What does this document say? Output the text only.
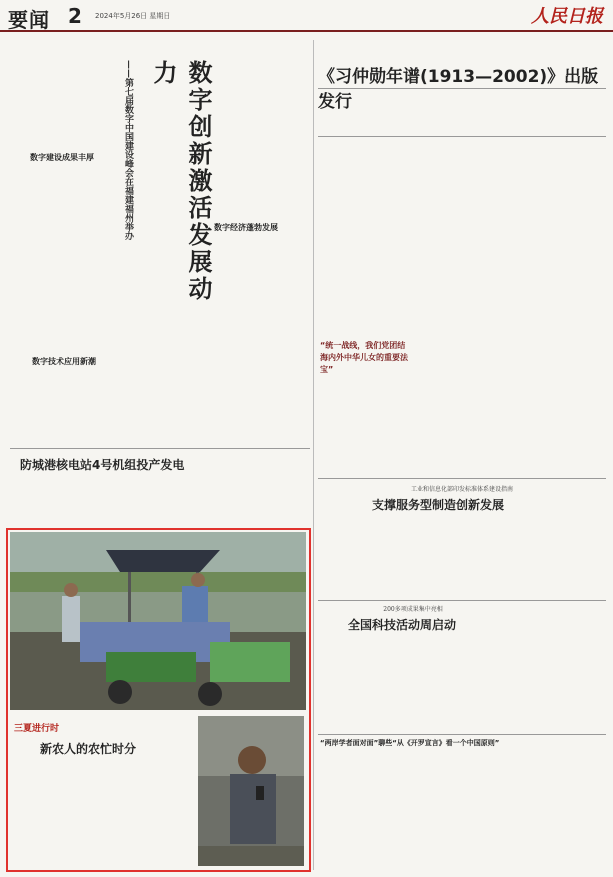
要闻 2 2024年5月26日 星期日	人民日报
数字建设成果丰厚
数字技术应用新潮
数字创新激活发展动力
——第七届数字中国建设峰会在福建福州举办	数字经济蓬勃发展
《习仲勋年谱(1913—2002)》出版发行
“统一战线，我们党团结海内外中华儿女的重要法宝”
防城港核电站4号机组投产发电
三夏进行时
新农人的农忙时分
工业和信息化部印发标准体系建设指南
支撑服务型制造创新发展
200多项成果集中亮相
全国科技活动周启动
“两岸学者面对面”聊些“从《开罗宣言》看一个中国原则”
